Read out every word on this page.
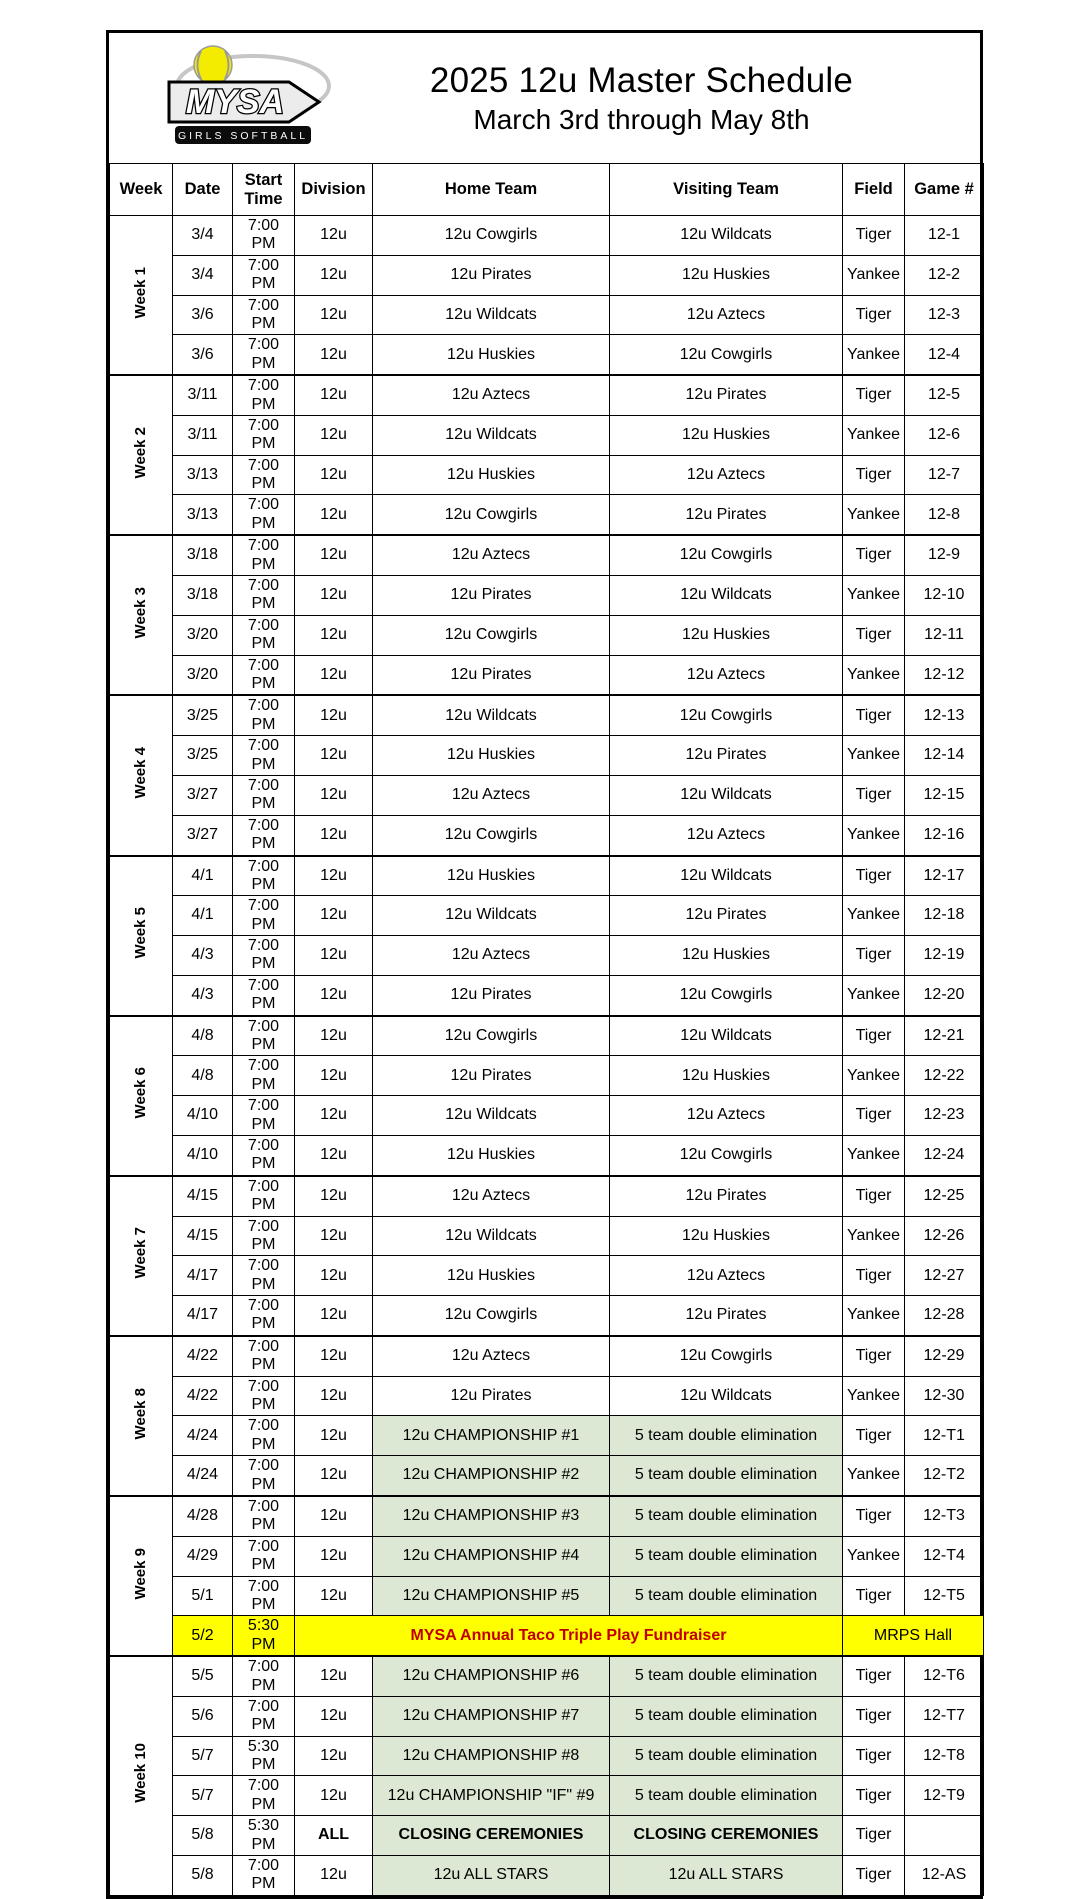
MYSA
GIRLS SOFTBALL
2025 12u Master Schedule
March 3rd through May 8th
Week	Date	Start Time	Division	Home Team	Visiting Team	Field	Game #
Week 1	3/4	7:00 PM	12u	12u Cowgirls	12u Wildcats	Tiger	12-1
	3/4	7:00 PM	12u	12u Pirates	12u Huskies	Yankee	12-2
	3/6	7:00 PM	12u	12u Wildcats	12u Aztecs	Tiger	12-3
	3/6	7:00 PM	12u	12u Huskies	12u Cowgirls	Yankee	12-4
Week 2	3/11	7:00 PM	12u	12u Aztecs	12u Pirates	Tiger	12-5
	3/11	7:00 PM	12u	12u Wildcats	12u Huskies	Yankee	12-6
	3/13	7:00 PM	12u	12u Huskies	12u Aztecs	Tiger	12-7
	3/13	7:00 PM	12u	12u Cowgirls	12u Pirates	Yankee	12-8
Week 3	3/18	7:00 PM	12u	12u Aztecs	12u Cowgirls	Tiger	12-9
	3/18	7:00 PM	12u	12u Pirates	12u Wildcats	Yankee	12-10
	3/20	7:00 PM	12u	12u Cowgirls	12u Huskies	Tiger	12-11
	3/20	7:00 PM	12u	12u Pirates	12u Aztecs	Yankee	12-12
Week 4	3/25	7:00 PM	12u	12u Wildcats	12u Cowgirls	Tiger	12-13
	3/25	7:00 PM	12u	12u Huskies	12u Pirates	Yankee	12-14
	3/27	7:00 PM	12u	12u Aztecs	12u Wildcats	Tiger	12-15
	3/27	7:00 PM	12u	12u Cowgirls	12u Aztecs	Yankee	12-16
Week 5	4/1	7:00 PM	12u	12u Huskies	12u Wildcats	Tiger	12-17
	4/1	7:00 PM	12u	12u Wildcats	12u Pirates	Yankee	12-18
	4/3	7:00 PM	12u	12u Aztecs	12u Huskies	Tiger	12-19
	4/3	7:00 PM	12u	12u Pirates	12u Cowgirls	Yankee	12-20
Week 6	4/8	7:00 PM	12u	12u Cowgirls	12u Wildcats	Tiger	12-21
	4/8	7:00 PM	12u	12u Pirates	12u Huskies	Yankee	12-22
	4/10	7:00 PM	12u	12u Wildcats	12u Aztecs	Tiger	12-23
	4/10	7:00 PM	12u	12u Huskies	12u Cowgirls	Yankee	12-24
Week 7	4/15	7:00 PM	12u	12u Aztecs	12u Pirates	Tiger	12-25
	4/15	7:00 PM	12u	12u Wildcats	12u Huskies	Yankee	12-26
	4/17	7:00 PM	12u	12u Huskies	12u Aztecs	Tiger	12-27
	4/17	7:00 PM	12u	12u Cowgirls	12u Pirates	Yankee	12-28
Week 8	4/22	7:00 PM	12u	12u Aztecs	12u Cowgirls	Tiger	12-29
	4/22	7:00 PM	12u	12u Pirates	12u Wildcats	Yankee	12-30
	4/24	7:00 PM	12u	12u CHAMPIONSHIP #1	5 team double elimination	Tiger	12-T1
	4/24	7:00 PM	12u	12u CHAMPIONSHIP #2	5 team double elimination	Yankee	12-T2
Week 9	4/28	7:00 PM	12u	12u CHAMPIONSHIP #3	5 team double elimination	Tiger	12-T3
	4/29	7:00 PM	12u	12u CHAMPIONSHIP #4	5 team double elimination	Yankee	12-T4
	5/1	7:00 PM	12u	12u CHAMPIONSHIP #5	5 team double elimination	Tiger	12-T5
	5/2	5:30 PM	MYSA Annual Taco Triple Play Fundraiser			MRPS Hall	
Week 10	5/5	7:00 PM	12u	12u CHAMPIONSHIP #6	5 team double elimination	Tiger	12-T6
	5/6	7:00 PM	12u	12u CHAMPIONSHIP #7	5 team double elimination	Tiger	12-T7
	5/7	5:30 PM	12u	12u CHAMPIONSHIP #8	5 team double elimination	Tiger	12-T8
	5/7	7:00 PM	12u	12u CHAMPIONSHIP "IF" #9	5 team double elimination	Tiger	12-T9
	5/8	5:30 PM	ALL	CLOSING CEREMONIES	CLOSING CEREMONIES	Tiger	
	5/8	7:00 PM	12u	12u ALL STARS	12u ALL STARS	Tiger	12-AS
